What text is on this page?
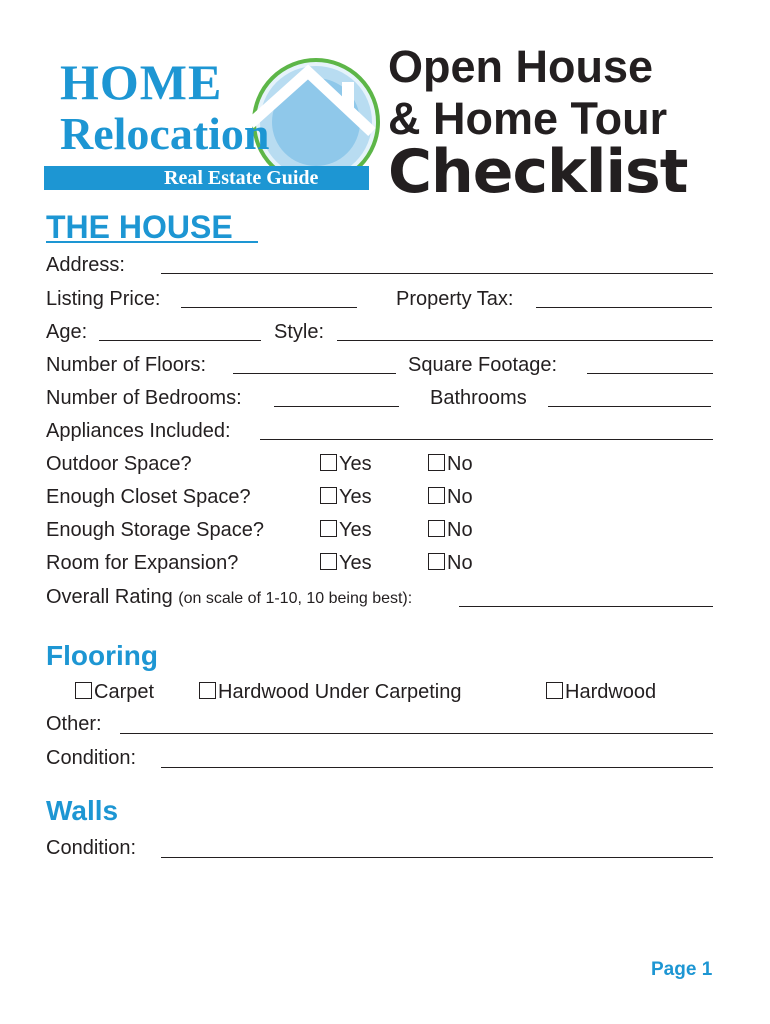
HOME
Relocation
Real Estate Guide
Open House
& Home Tour
Checklist
THE HOUSE
Address:
Listing Price:	Property Tax:
Age:	Style:
Number of Floors:	Square Footage:
Number of Bedrooms:	Bathrooms
Appliances Included:
Outdoor Space?	Yes	No
Enough Closet Space?	Yes	No
Enough Storage Space?	Yes	No
Room for Expansion?	Yes	No
Overall Rating (on scale of 1-10, 10 being best):
Flooring
Carpet	Hardwood Under Carpeting	Hardwood
Other:
Condition:
Walls
Condition:
Page 1
